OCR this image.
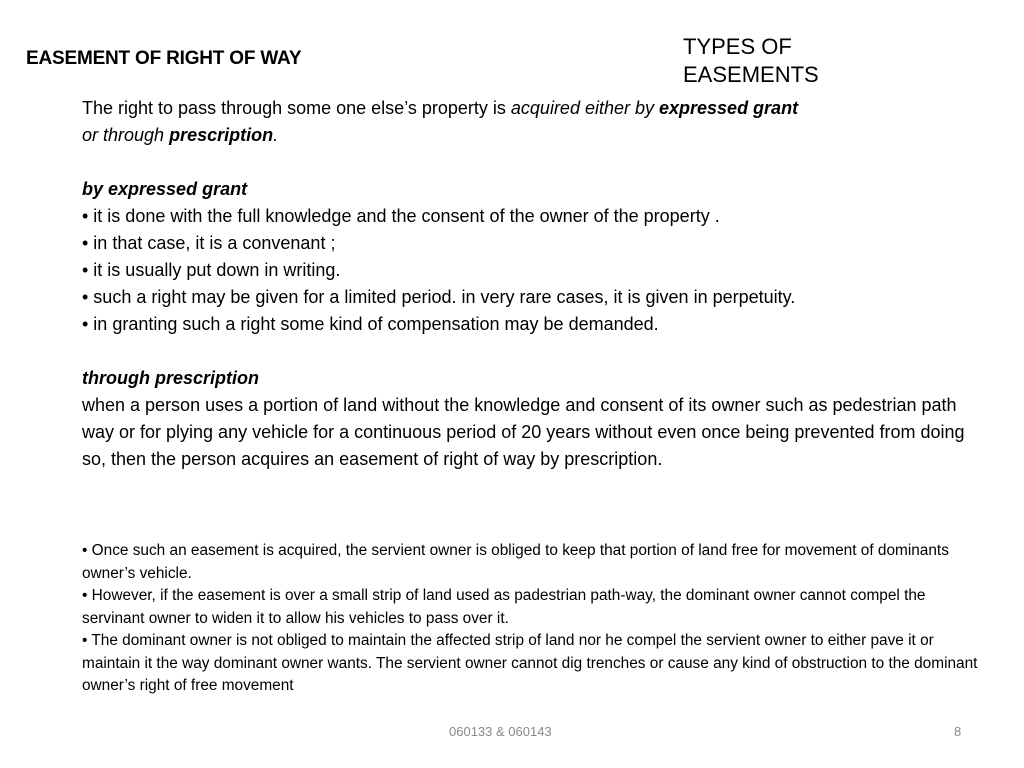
EASEMENT OF RIGHT OF WAY	TYPES OF
EASEMENTS

The right to pass through some one else’s property is acquired either by expressed grant

or through prescription.

by expressed grant

• it is done with the full knowledge and the consent of the owner of the property .

• in that case, it is a convenant ;

• it is usually put down in writing.

• such a right may be given for a limited period. in very rare cases, it is given in perpetuity.

• in granting such a right some kind of compensation may be demanded.

through prescription

when a person uses a portion of land without the knowledge and consent of its owner such as pedestrian path way or for plying any vehicle for a continuous period of 20 years without even once being prevented from doing so, then the person acquires an easement of right of way by prescription.

• Once such an easement is acquired, the servient owner is obliged to keep that portion of land free for movement of dominants owner’s vehicle.

• However, if the easement is over a small strip of land used as padestrian path-way, the dominant owner cannot compel the servinant owner to widen it to allow his vehicles to pass over it.

• The dominant owner is not obliged to maintain the affected strip of land nor he compel the servient owner to either pave it or maintain it the way dominant owner wants. The servient owner cannot dig trenches or cause any kind of obstruction to the dominant owner’s right of free movement

060133 & 060143	8
